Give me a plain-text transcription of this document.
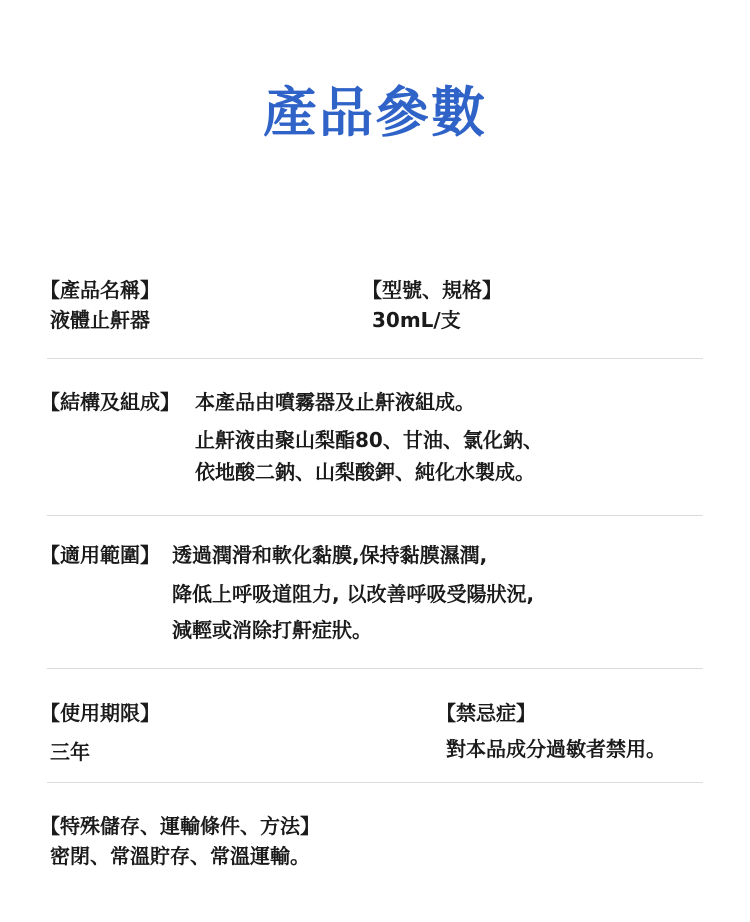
產品參數
【產品名稱】
液體止鼾器
【型號、規格】
30mL/支
【結構及組成】 本產品由噴霧器及止鼾液組成。
止鼾液由聚山梨酯80、甘油、氯化鈉、
依地酸二鈉、山梨酸鉀、純化水製成。
【適用範圍】 透過潤滑和軟化黏膜,保持黏膜濕潤,
降低上呼吸道阻力, 以改善呼吸受陽狀況,
減輕或消除打鼾症狀。
【使用期限】
三年
【禁忌症】
對本品成分過敏者禁用。
【特殊儲存、運輸條件、方法】
密閉、常溫貯存、常溫運輸。
